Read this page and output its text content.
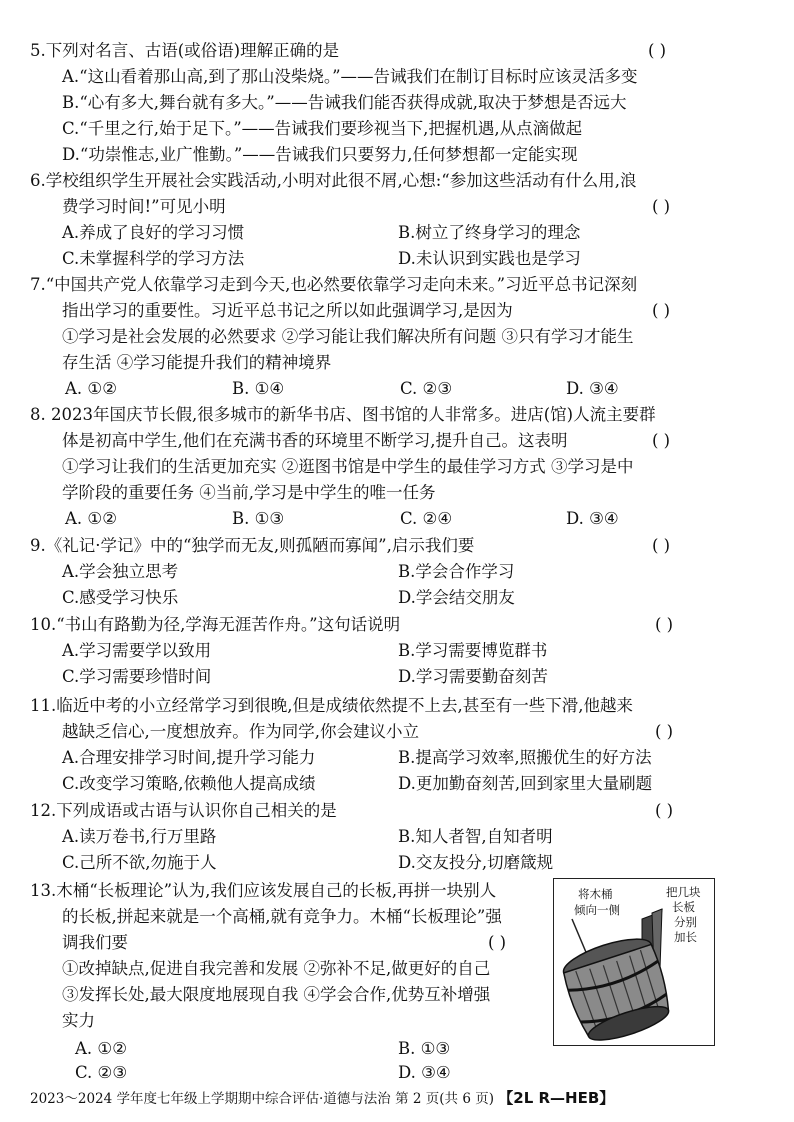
5.下列对名言、古语(或俗语)理解正确的是	( )
A.“这山看着那山高,到了那山没柴烧。”——告诫我们在制订目标时应该灵活多变
B.“心有多大,舞台就有多大。”——告诫我们能否获得成就,取决于梦想是否远大
C.“千里之行,始于足下。”——告诫我们要珍视当下,把握机遇,从点滴做起
D.“功崇惟志,业广惟勤。”——告诫我们只要努力,任何梦想都一定能实现
6.学校组织学生开展社会实践活动,小明对此很不屑,心想:“参加这些活动有什么用,浪
费学习时间!”可见小明	( )
A.养成了良好的学习习惯	B.树立了终身学习的理念
C.未掌握科学的学习方法	D.未认识到实践也是学习
7.“中国共产党人依靠学习走到今天,也必然要依靠学习走向未来。”习近平总书记深刻
指出学习的重要性。习近平总书记之所以如此强调学习,是因为	( )
①学习是社会发展的必然要求 ②学习能让我们解决所有问题 ③只有学习才能生
存生活 ④学习能提升我们的精神境界
A. ①②	B. ①④	C. ②③	D. ③④
8. 2023年国庆节长假,很多城市的新华书店、图书馆的人非常多。进店(馆)人流主要群
体是初高中学生,他们在充满书香的环境里不断学习,提升自己。这表明	( )
①学习让我们的生活更加充实 ②逛图书馆是中学生的最佳学习方式 ③学习是中
学阶段的重要任务 ④当前,学习是中学生的唯一任务
A. ①②	B. ①③	C. ②④	D. ③④
9.《礼记·学记》中的“独学而无友,则孤陋而寡闻”,启示我们要	( )
A.学会独立思考	B.学会合作学习
C.感受学习快乐	D.学会结交朋友
10.“书山有路勤为径,学海无涯苦作舟。”这句话说明	( )
A.学习需要学以致用	B.学习需要博览群书
C.学习需要珍惜时间	D.学习需要勤奋刻苦
11.临近中考的小立经常学习到很晚,但是成绩依然提不上去,甚至有一些下滑,他越来
越缺乏信心,一度想放弃。作为同学,你会建议小立	( )
A.合理安排学习时间,提升学习能力	B.提高学习效率,照搬优生的好方法
C.改变学习策略,依赖他人提高成绩	D.更加勤奋刻苦,回到家里大量刷题
12.下列成语或古语与认识你自己相关的是	( )
A.读万卷书,行万里路	B.知人者智,自知者明
C.己所不欲,勿施于人	D.交友投分,切磨箴规
13.木桶“长板理论”认为,我们应该发展自己的长板,再拼一块别人
的长板,拼起来就是一个高桶,就有竞争力。木桶“长板理论”强
调我们要	( )
①改掉缺点,促进自我完善和发展 ②弥补不足,做更好的自己
③发挥长处,最大限度地展现自我 ④学会合作,优势互补增强
实力
A. ①②	B. ①③
C. ②③	D. ③④
将木桶
倾向一侧
把几块
长板
分别
加长
2023～2024 学年度七年级上学期期中综合评估·道德与法治 第 2 页(共 6 页) 【2L R—HEB】
